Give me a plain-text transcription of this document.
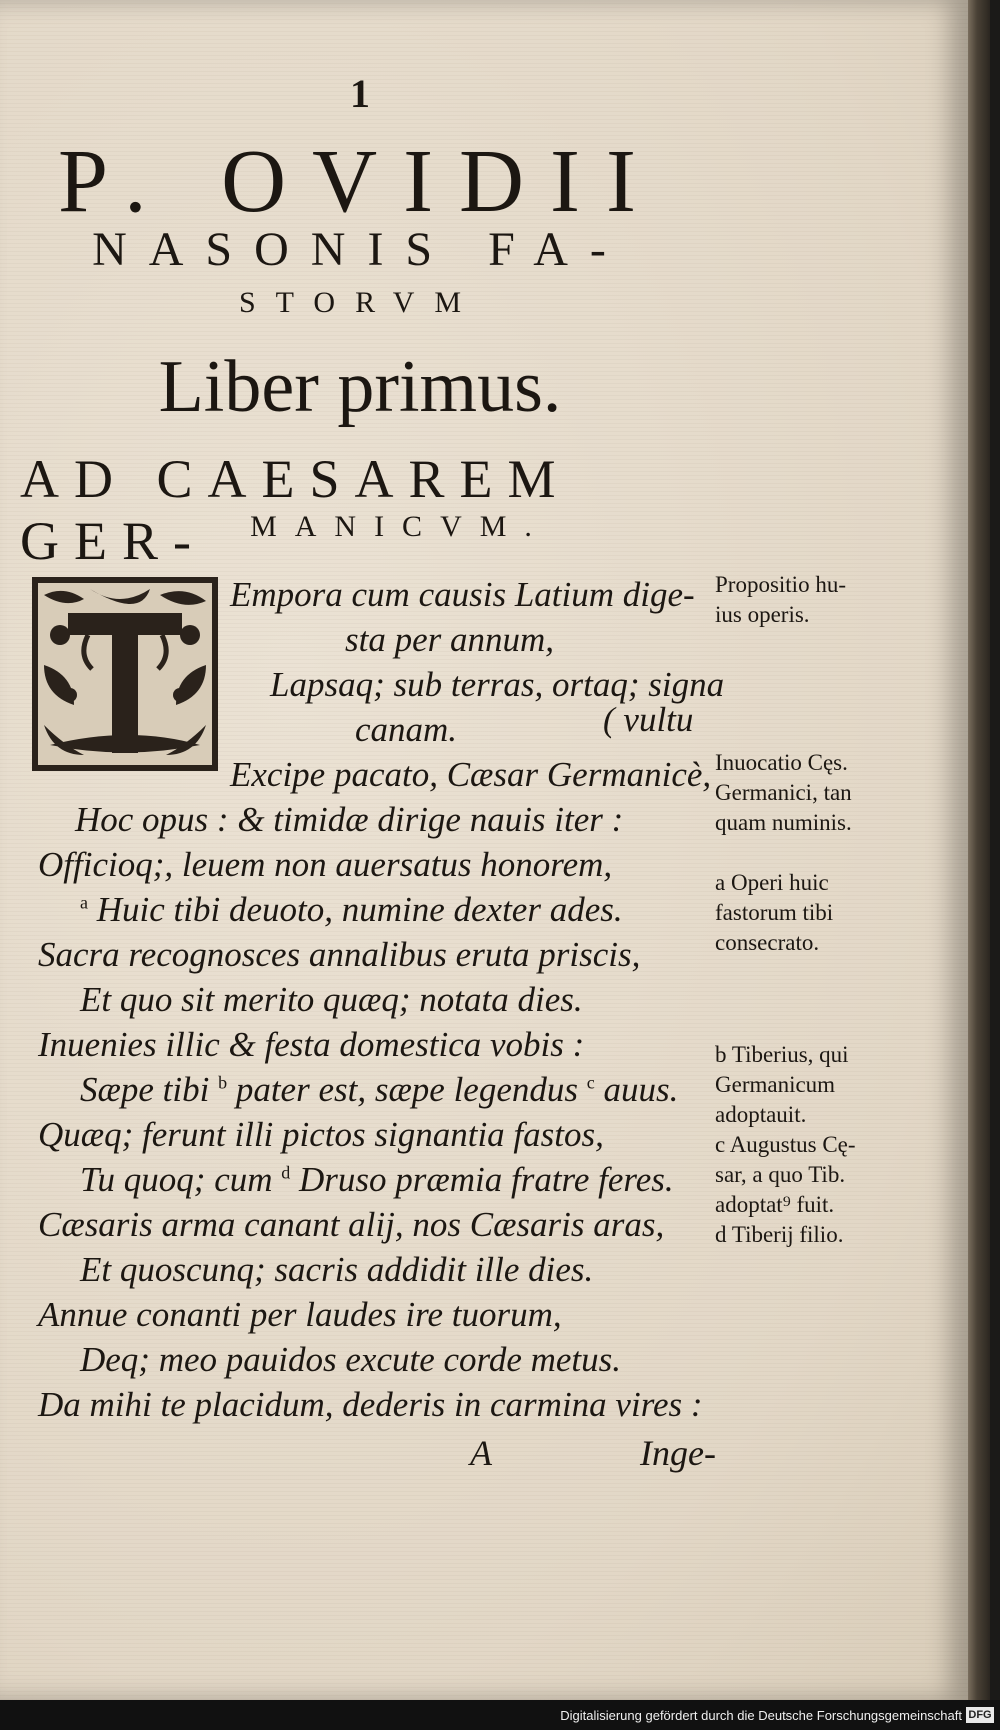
1
P. OVIDII
NASONIS FA-
STORVM
Liber primus.
AD CAESAREM GER-	MANICVM.
Empora cum causis Latium dige-
sta per annum,
Lapsaq; sub terras, ortaq; signa
canam.	( vultu
Excipe pacato, Cæsar Germanicè,
Hoc opus : & timidæ dirige nauis iter :
Officioq;, leuem non auersatus honorem,
$^a$ Huic tibi deuoto, numine dexter ades.
Sacra recognosces annalibus eruta priscis,
Et quo sit merito quæq; notata dies.
Inuenies illic & festa domestica vobis :
Sæpe tibi $^b$ pater est, sæpe legendus $^c$ auus.
Quæq; ferunt illi pictos signantia fastos,
Tu quoq; cum $^d$ Druso præmia fratre feres.
Cæsaris arma canant alij, nos Cæsaris aras,
Et quoscunq; sacris addidit ille dies.
Annue conanti per laudes ire tuorum,
Deq; meo pauidos excute corde metus.
Propositio hu-
ius operis.
Inuocatio Cęs.
Germanici, tan
quam numinis.
a Operi huic
fastorum tibi
consecrato.
b Tiberius, qui
Germanicum
adoptauit.
c Augustus Cę-
sar, a quo Tib.
adoptat⁹ fuit.
d Tiberij filio.
A	Inge-
Da mihi te placidum, dederis in carmina vires :
Digitalisierung gefördert durch die Deutsche Forschungsgemeinschaft DFG
